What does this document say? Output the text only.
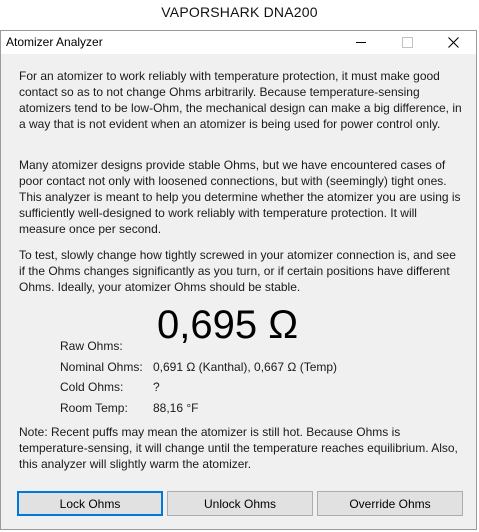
VAPORSHARK DNA200
Atomizer Analyzer
For an atomizer to work reliably with temperature protection, it must make good contact so as to not change Ohms arbitrarily. Because temperature-sensing atomizers tend to be low-Ohm, the mechanical design can make a big difference, in a way that is not evident when an atomizer is being used for power control only.
Many atomizer designs provide stable Ohms, but we have encountered cases of poor contact not only with loosened connections, but with (seemingly) tight ones. This analyzer is meant to help you determine whether the atomizer you are using is sufficiently well-designed to work reliably with temperature protection. It will measure once per second.
To test, slowly change how tightly screwed in your atomizer connection is, and see if the Ohms changes significantly as you turn, or if certain positions have different Ohms. Ideally, your atomizer Ohms should be stable.
Raw Ohms: 0,695 Ω
Nominal Ohms: 0,691 Ω (Kanthal), 0,667 Ω (Temp)
Cold Ohms: ?
Room Temp: 88,16 °F
Note: Recent puffs may mean the atomizer is still hot. Because Ohms is temperature-sensing, it will change until the temperature reaches equilibrium. Also, this analyzer will slightly warm the atomizer.
Lock Ohms	Unlock Ohms	Override Ohms
